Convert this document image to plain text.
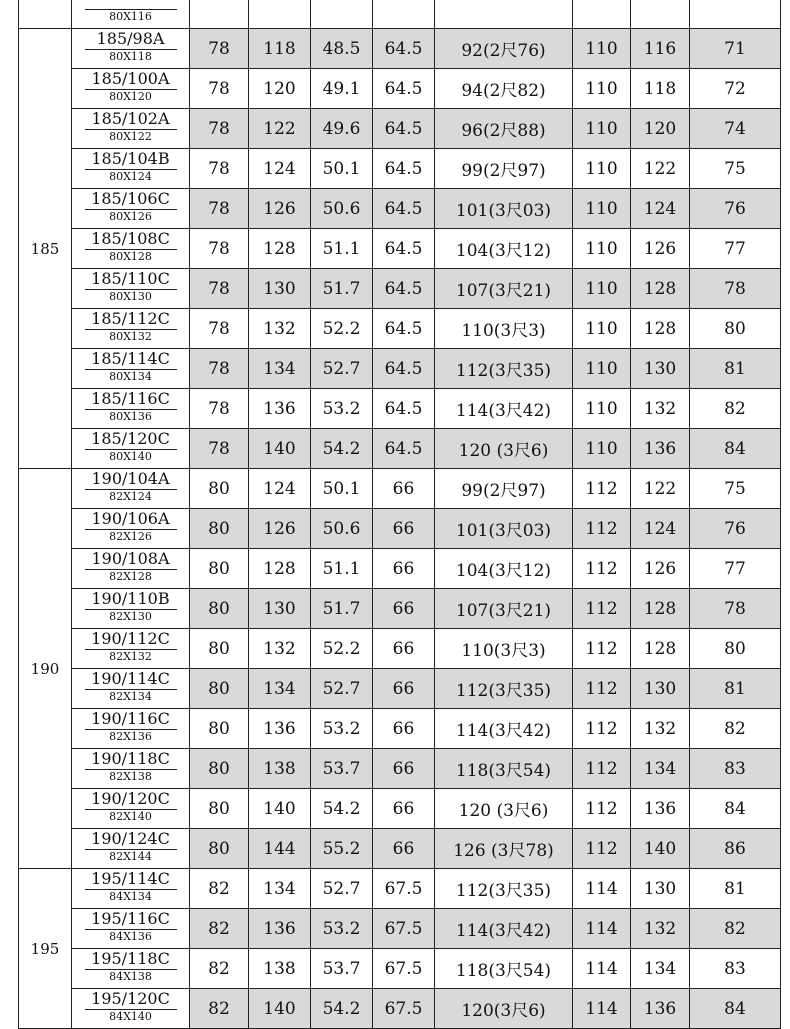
	80X116								

185	185/98A
80X118	78	118	48.5	64.5	92(2尺76)	110	116	71

	185/100A
80X120	78	120	49.1	64.5	94(2尺82)	110	118	72

	185/102A
80X122	78	122	49.6	64.5	96(2尺88)	110	120	74

	185/104B
80X124	78	124	50.1	64.5	99(2尺97)	110	122	75

	185/106C
80X126	78	126	50.6	64.5	101(3尺03)	110	124	76

	185/108C
80X128	78	128	51.1	64.5	104(3尺12)	110	126	77

	185/110C
80X130	78	130	51.7	64.5	107(3尺21)	110	128	78

	185/112C
80X132	78	132	52.2	64.5	110(3尺3)	110	128	80

	185/114C
80X134	78	134	52.7	64.5	112(3尺35)	110	130	81

	185/116C
80X136	78	136	53.2	64.5	114(3尺42)	110	132	82

	185/120C
80X140	78	140	54.2	64.5	120 (3尺6)	110	136	84
190	190/104A
82X124	80	124	50.1	66	99(2尺97)	112	122	75

	190/106A
82X126	80	126	50.6	66	101(3尺03)	112	124	76

	190/108A
82X128	80	128	51.1	66	104(3尺12)	112	126	77

	190/110B
82X130	80	130	51.7	66	107(3尺21)	112	128	78

	190/112C
82X132	80	132	52.2	66	110(3尺3)	112	128	80

	190/114C
82X134	80	134	52.7	66	112(3尺35)	112	130	81

	190/116C
82X136	80	136	53.2	66	114(3尺42)	112	132	82

	190/118C
82X138	80	138	53.7	66	118(3尺54)	112	134	83

	190/120C
82X140	80	140	54.2	66	120 (3尺6)	112	136	84

	190/124C
82X144	80	144	55.2	66	126 (3尺78)	112	140	86
195	195/114C
84X134	82	134	52.7	67.5	112(3尺35)	114	130	81

	195/116C
84X136	82	136	53.2	67.5	114(3尺42)	114	132	82

	195/118C
84X138	82	138	53.7	67.5	118(3尺54)	114	134	83

	195/120C
84X140	82	140	54.2	67.5	120(3尺6)	114	136	84
